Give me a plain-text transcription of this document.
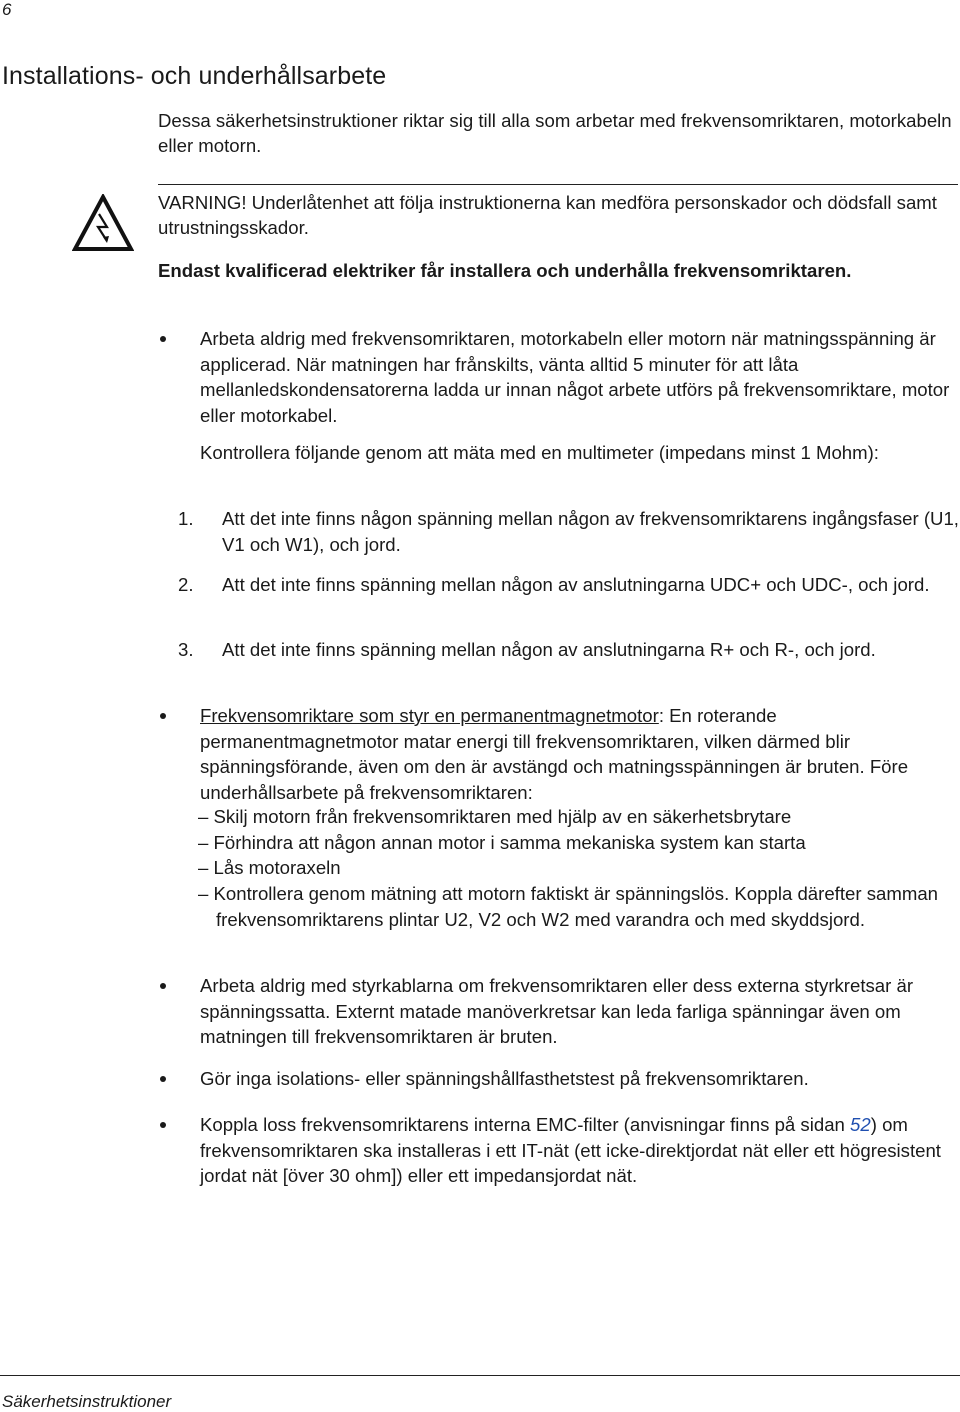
6
Installations- och underhållsarbete

Dessa säkerhetsinstruktioner riktar sig till alla som arbetar med frekvensomriktaren, motorkabeln eller motorn.

VARNING! Underlåtenhet att följa instruktionerna kan medföra personskador och dödsfall samt utrustningsskador.

Endast kvalificerad elektriker får installera och underhålla frekvensomriktaren.

Arbeta aldrig med frekvensomriktaren, motorkabeln eller motorn när matningsspänning är applicerad. När matningen har frånskilts, vänta alltid 5 minuter för att låta mellanledskondensatorerna ladda ur innan något arbete utförs på frekvensomriktare, motor eller motorkabel.

Kontrollera följande genom att mäta med en multimeter (impedans minst 1 Mohm):

1. Att det inte finns någon spänning mellan någon av frekvensomriktarens ingångsfaser (U1, V1 och W1), och jord.

2. Att det inte finns spänning mellan någon av anslutningarna UDC+ och UDC-, och jord.

3. Att det inte finns spänning mellan någon av anslutningarna R+ och R-, och jord.

Frekvensomriktare som styr en permanentmagnetmotor: En roterande permanentmagnetmotor matar energi till frekvensomriktaren, vilken därmed blir spänningsförande, även om den är avstängd och matningsspänningen är bruten. Före underhållsarbete på frekvensomriktaren:

– Skilj motorn från frekvensomriktaren med hjälp av en säkerhetsbrytare

– Förhindra att någon annan motor i samma mekaniska system kan starta

– Lås motoraxeln

– Kontrollera genom mätning att motorn faktiskt är spänningslös. Koppla därefter samman frekvensomriktarens plintar U2, V2 och W2 med varandra och med skyddsjord.

Arbeta aldrig med styrkablarna om frekvensomriktaren eller dess externa styrkretsar är spänningssatta. Externt matade manöverkretsar kan leda farliga spänningar även om matningen till frekvensomriktaren är bruten.

Gör inga isolations- eller spänningshållfasthetstest på frekvensomriktaren.

Koppla loss frekvensomriktarens interna EMC-filter (anvisningar finns på sidan 52) om frekvensomriktaren ska installeras i ett IT-nät (ett icke-direktjordat nät eller ett högresistent jordat nät [över 30 ohm]) eller ett impedansjordat nät.

Säkerhetsinstruktioner
